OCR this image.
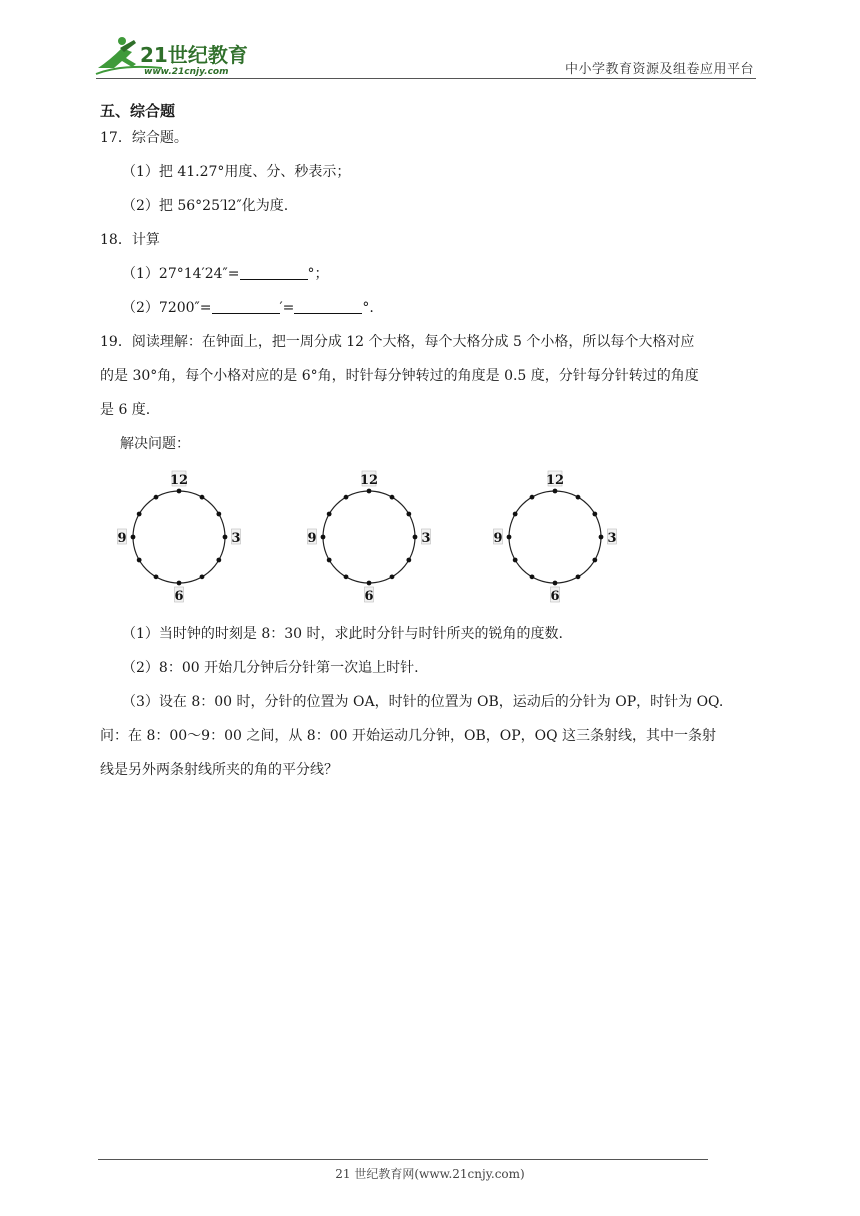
21世纪教育
www.21cnjy.com	中小学教育资源及组卷应用平台
五、综合题
17．综合题。
（1）把 41.27°用度、分、秒表示；
（2）把 56°25′l2″化为度.
18．计算
（1）27°14′24″=	°；
（2）7200″=	′=	°.
19．阅读理解：在钟面上，把一周分成 12 个大格，每个大格分成 5 个小格，所以每个大格对应
的是 30°角，每个小格对应的是 6°角，时针每分钟转过的角度是 0.5 度，分针每分针转过的角度
是 6 度.
解决问题：
12
3
6
9
12
3
6
9
12
3
6
9
（1）当时钟的时刻是 8：30 时，求此时分针与时针所夹的锐角的度数.
（2）8：00 开始几分钟后分针第一次追上时针.
（3）设在 8：00 时，分针的位置为 OA，时针的位置为 OB，运动后的分针为 OP，时针为 OQ.
问：在 8：00～9：00 之间，从 8：00 开始运动几分钟，OB，OP，OQ 这三条射线，其中一条射
线是另外两条射线所夹的角的平分线？
21 世纪教育网(www.21cnjy.com)
